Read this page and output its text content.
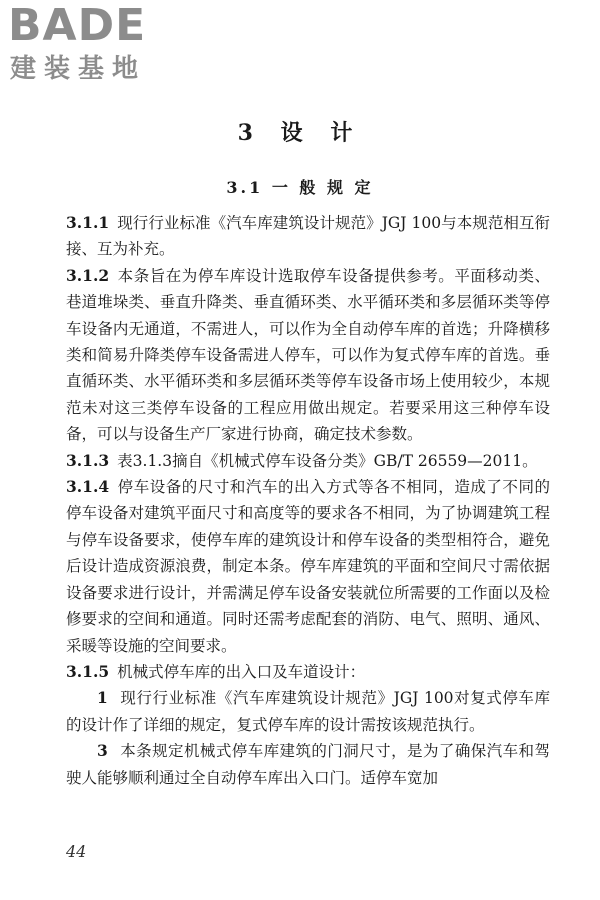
BADE
建装基地
3 设 计
3.1 一 般 规 定

3.1.1 现行行业标准《汽车库建筑设计规范》JGJ 100与本规范相互衔接、互为补充。

3.1.2 本条旨在为停车库设计选取停车设备提供参考。平面移动类、巷道堆垛类、垂直升降类、垂直循环类、水平循环类和多层循环类等停车设备内无通道，不需进人，可以作为全自动停车库的首选；升降横移类和简易升降类停车设备需进人停车，可以作为复式停车库的首选。垂直循环类、水平循环类和多层循环类等停车设备市场上使用较少，本规范未对这三类停车设备的工程应用做出规定。若要采用这三种停车设备，可以与设备生产厂家进行协商，确定技术参数。

3.1.3 表3.1.3摘自《机械式停车设备分类》GB/T 26559—2011。

3.1.4 停车设备的尺寸和汽车的出入方式等各不相同，造成了不同的停车设备对建筑平面尺寸和高度等的要求各不相同，为了协调建筑工程与停车设备要求，使停车库的建筑设计和停车设备的类型相符合，避免后设计造成资源浪费，制定本条。停车库建筑的平面和空间尺寸需依据设备要求进行设计，并需满足停车设备安装就位所需要的工作面以及检修要求的空间和通道。同时还需考虑配套的消防、电气、照明、通风、采暖等设施的空间要求。

3.1.5 机械式停车库的出入口及车道设计：

1 现行行业标准《汽车库建筑设计规范》JGJ 100对复式停车库的设计作了详细的规定，复式停车库的设计需按该规范执行。

3 本条规定机械式停车库建筑的门洞尺寸，是为了确保汽车和驾驶人能够顺利通过全自动停车库出入口门。适停车宽加

44
